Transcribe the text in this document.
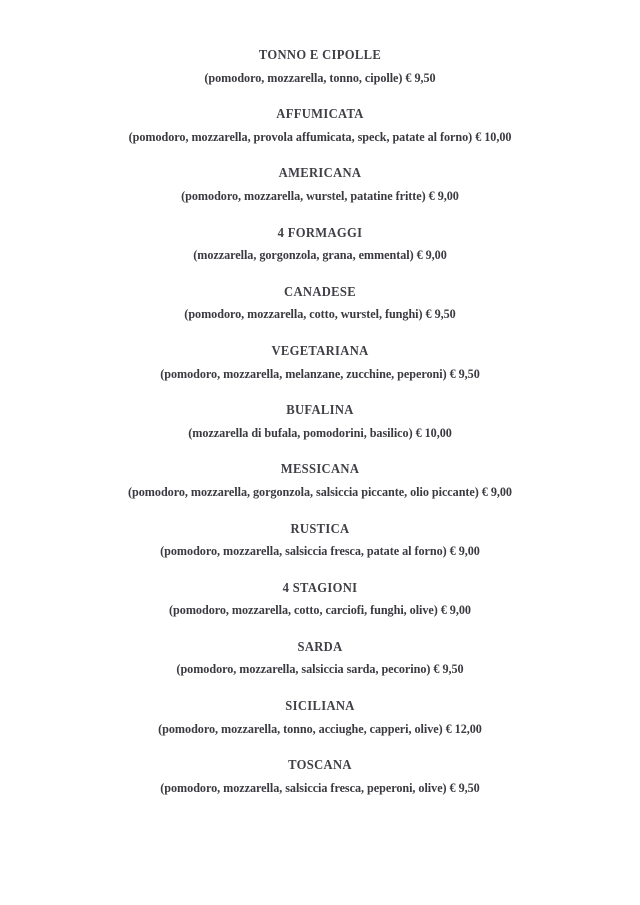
TONNO E CIPOLLE
(pomodoro, mozzarella, tonno, cipolle) € 9,50
AFFUMICATA
(pomodoro, mozzarella, provola affumicata, speck, patate al forno) € 10,00
AMERICANA
(pomodoro, mozzarella, wurstel, patatine fritte) € 9,00
4 FORMAGGI
(mozzarella, gorgonzola, grana, emmental) € 9,00
CANADESE
(pomodoro, mozzarella, cotto, wurstel, funghi) € 9,50
VEGETARIANA
(pomodoro, mozzarella, melanzane, zucchine, peperoni) € 9,50
BUFALINA
(mozzarella di bufala, pomodorini, basilico) € 10,00
MESSICANA
(pomodoro, mozzarella, gorgonzola, salsiccia piccante, olio piccante) € 9,00
RUSTICA
(pomodoro, mozzarella, salsiccia fresca, patate al forno) € 9,00
4 STAGIONI
(pomodoro, mozzarella, cotto, carciofi, funghi, olive) € 9,00
SARDA
(pomodoro, mozzarella, salsiccia sarda, pecorino) € 9,50
SICILIANA
(pomodoro, mozzarella, tonno, acciughe, capperi, olive) € 12,00
TOSCANA
(pomodoro, mozzarella, salsiccia fresca, peperoni, olive) € 9,50
